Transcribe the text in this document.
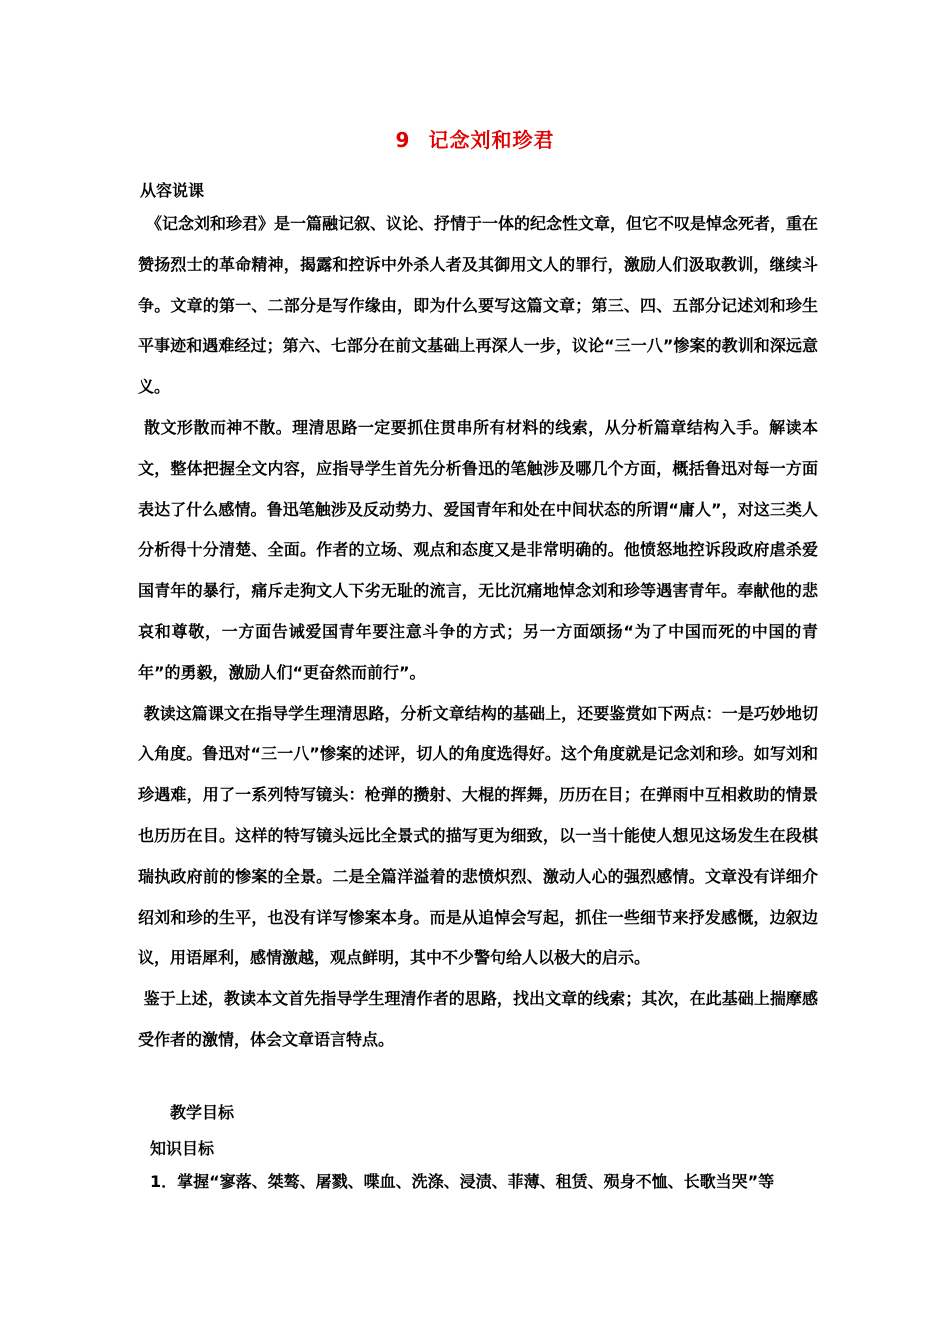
9 记念刘和珍君
从容说课

　《记念刘和珍君》是一篇融记叙、议论、抒情于一体的纪念性文章，但它不叹是悼念死者，重在赞扬烈士的革命精神，揭露和控诉中外杀人者及其御用文人的罪行，激励人们汲取教训，继续斗争。文章的第一、二部分是写作缘由，即为什么要写这篇文章；第三、四、五部分记述刘和珍生平事迹和遇难经过；第六、七部分在前文基础上再深人一步，议论“三一八”惨案的教训和深远意义。

散文形散而神不散。理清思路一定要抓住贯串所有材料的线索，从分析篇章结构入手。解读本文，整体把握全文内容，应指导学生首先分析鲁迅的笔触涉及哪几个方面，概括鲁迅对每一方面表达了什么感情。鲁迅笔触涉及反动势力、爱国青年和处在中间状态的所谓“庸人”，对这三类人分析得十分清楚、全面。作者的立场、观点和态度又是非常明确的。他愤怒地控诉段政府虐杀爱国青年的暴行，痛斥走狗文人下劣无耻的流言，无比沉痛地悼念刘和珍等遇害青年。奉献他的悲哀和尊敬，一方面告诫爱国青年要注意斗争的方式；另一方面颂扬“为了中国而死的中国的青年”的勇毅，激励人们“更奋然而前行”。

教读这篇课文在指导学生理清思路，分析文章结构的基础上，还要鉴赏如下两点：一是巧妙地切入角度。鲁迅对“三一八”惨案的述评，切人的角度选得好。这个角度就是记念刘和珍。如写刘和珍遇难，用了一系列特写镜头：枪弹的攒射、大棍的挥舞，历历在目；在弹雨中互相救助的情景也历历在目。这样的特写镜头远比全景式的描写更为细致，以一当十能使人想见这场发生在段棋瑞执政府前的惨案的全景。二是全篇洋溢着的悲愤炽烈、激动人心的强烈感情。文章没有详细介绍刘和珍的生平，也没有详写惨案本身。而是从追悼会写起，抓住一些细节来抒发感慨，边叙边议，用语犀利，感情激越，观点鲜明，其中不少警句给人以极大的启示。

鉴于上述，教读本文首先指导学生理清作者的思路，找出文章的线索；其次，在此基础上揣摩感受作者的激情，体会文章语言特点。

教学目标
知识目标
1．掌握“寥落、桀骜、屠戮、喋血、洗涤、浸渍、菲薄、租赁、殒身不恤、长歌当哭”等
